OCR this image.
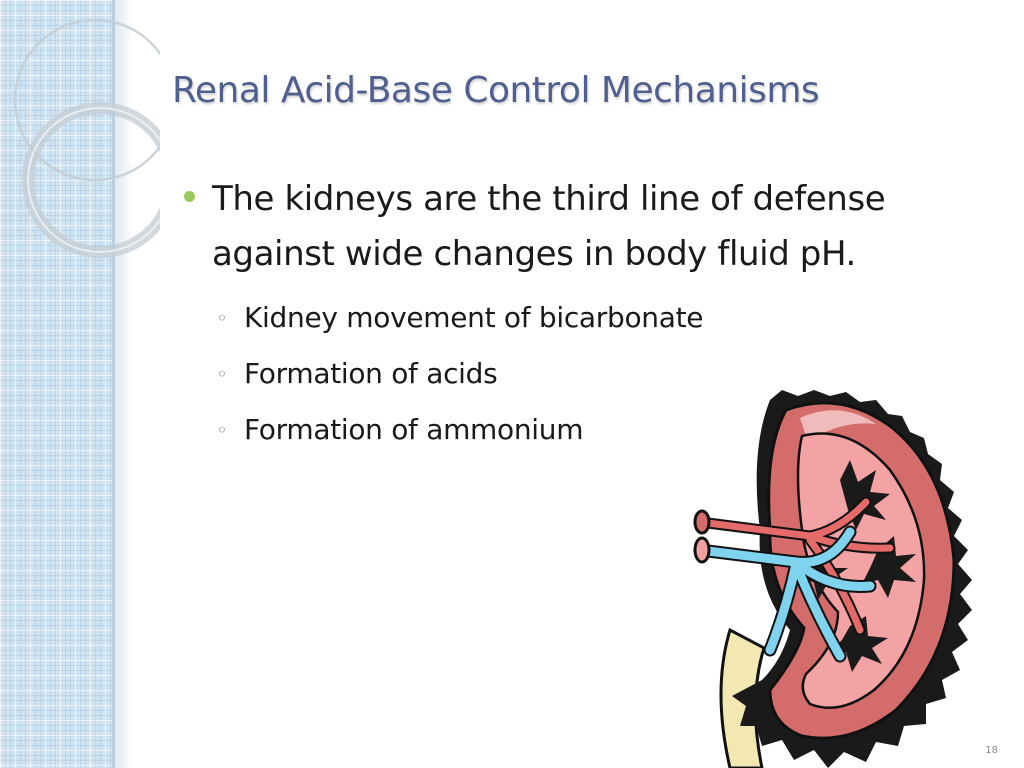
Renal Acid-Base Control Mechanisms
The kidneys are the third line of defense
against wide changes in body fluid pH.
◦ Kidney movement of bicarbonate
◦ Formation of acids
◦ Formation of ammonium
18
